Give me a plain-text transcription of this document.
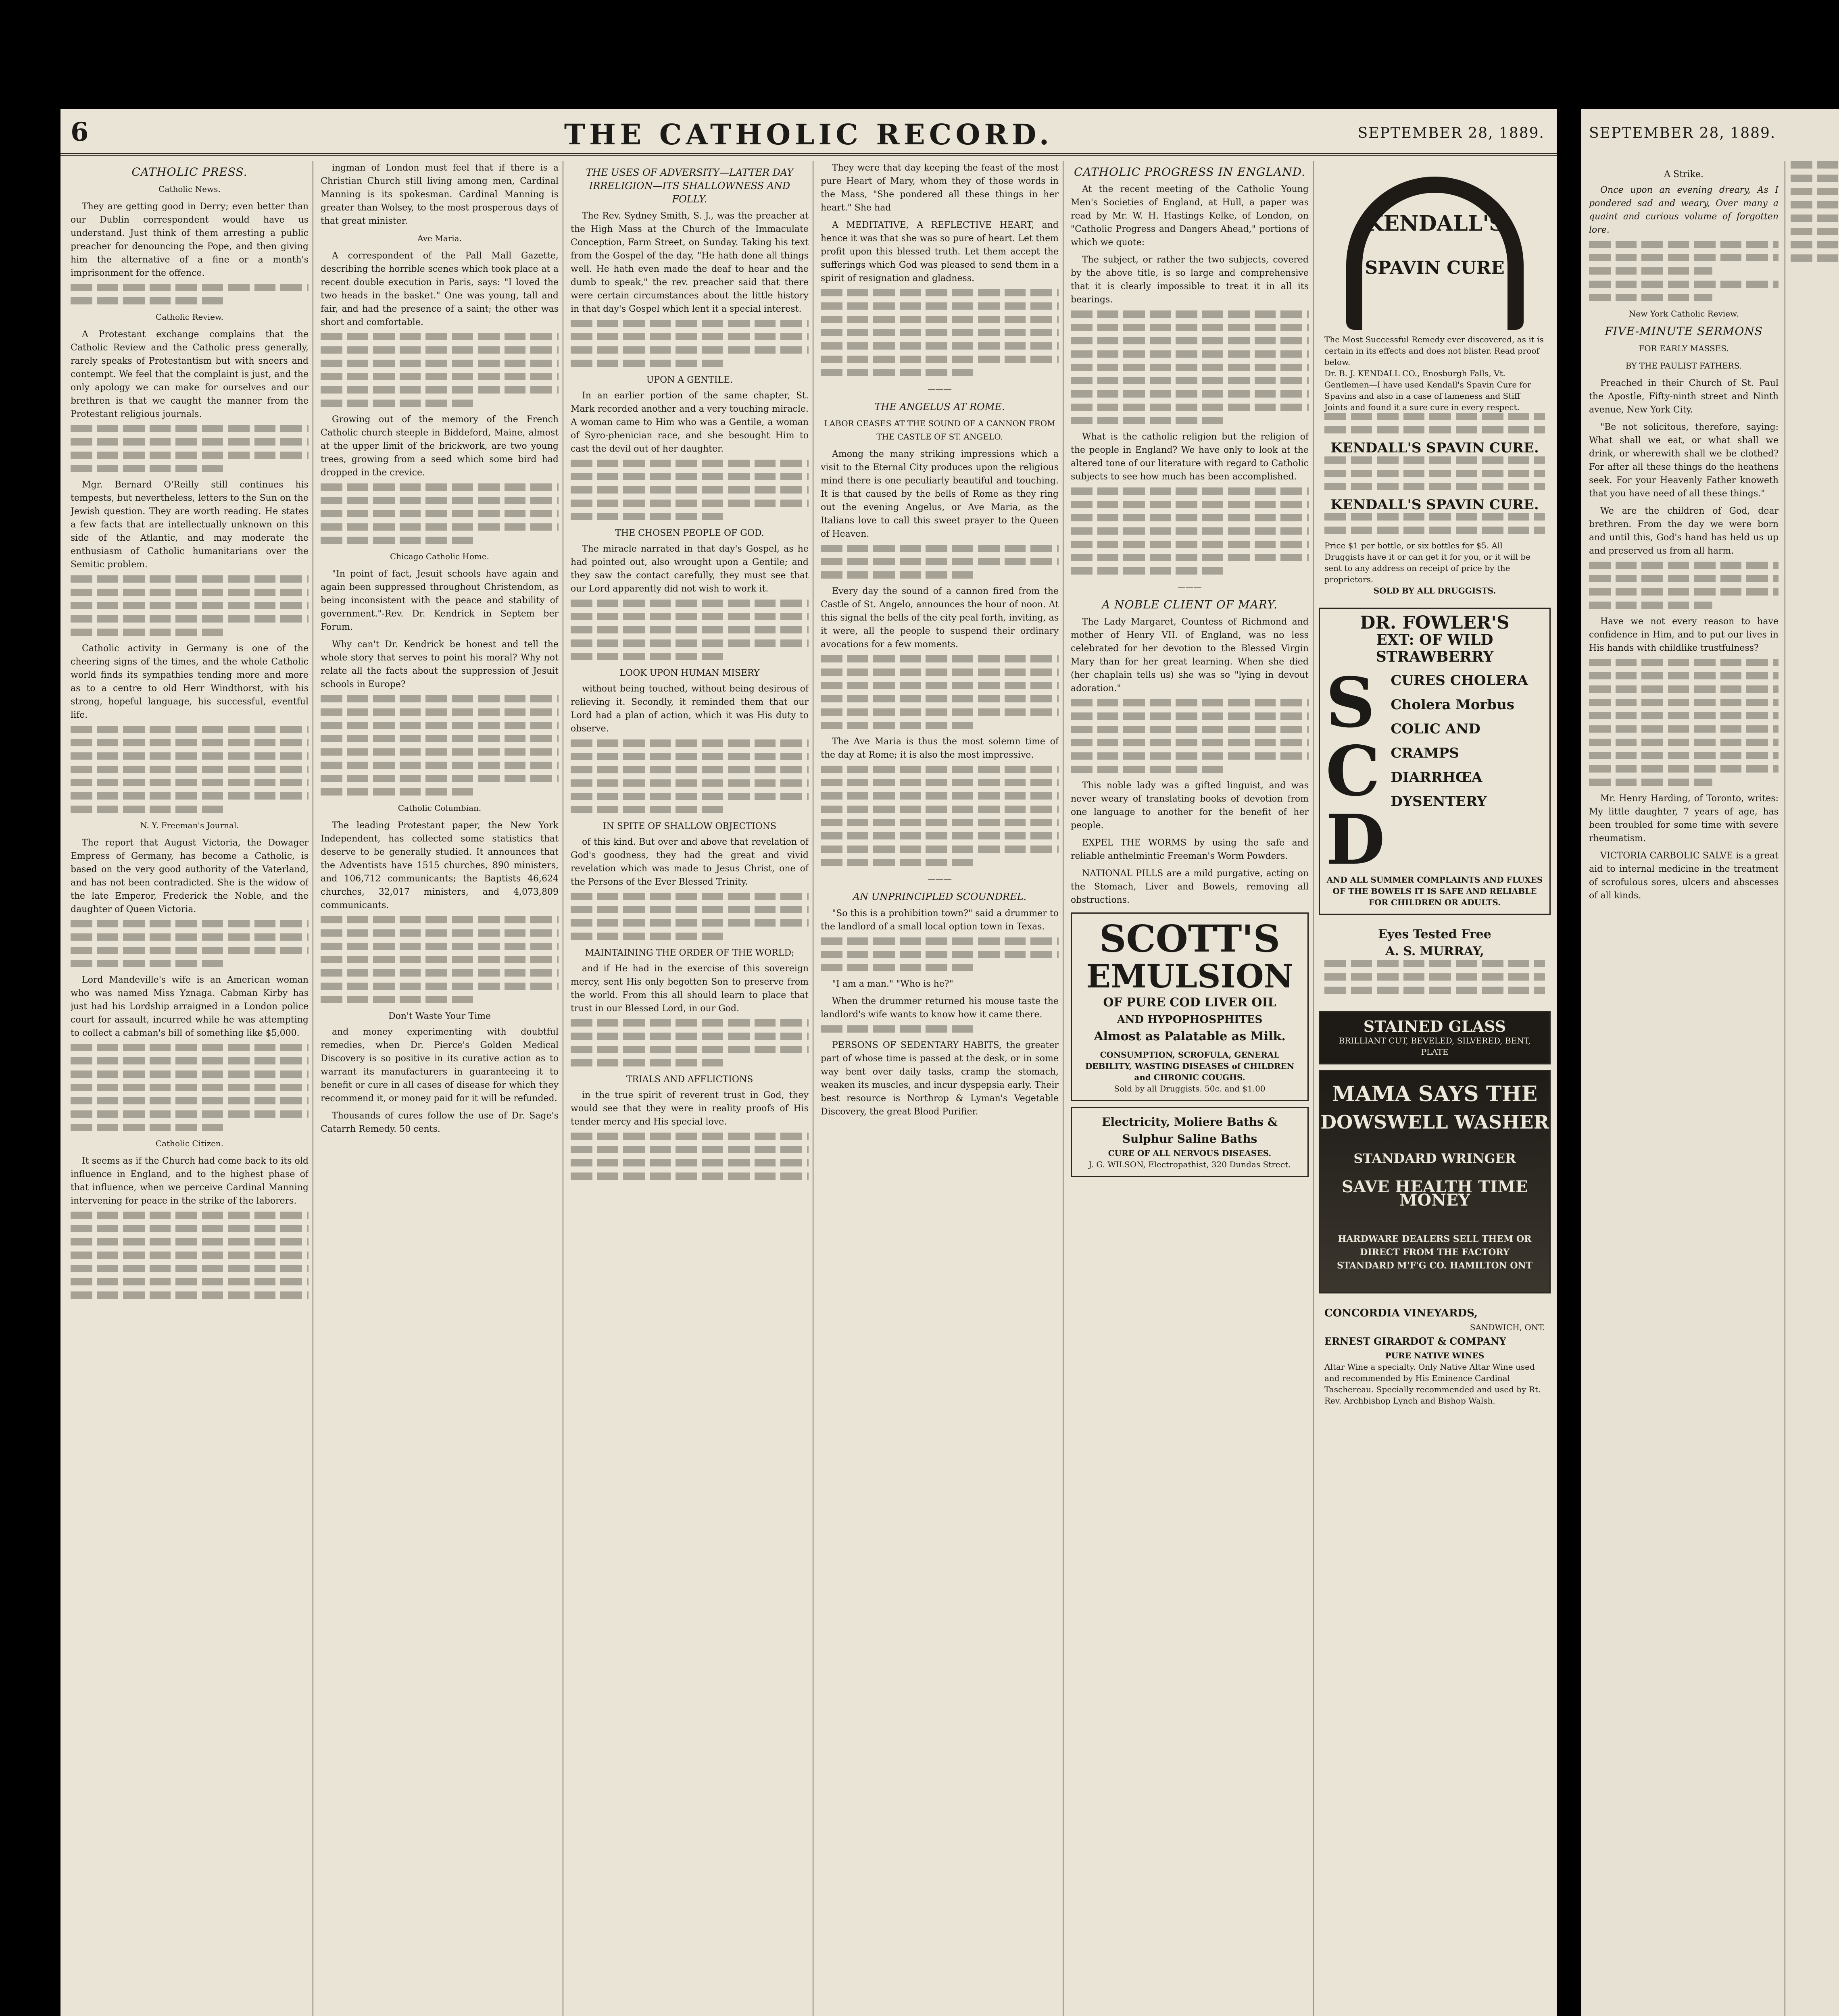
6	THE CATHOLIC RECORD.	SEPTEMBER 28, 1889.
CATHOLIC PRESS.
Catholic News.

They are getting good in Derry; even better than our Dublin correspondent would have us understand. Just think of them arresting a public preacher for denouncing the Pope, and then giving him the alternative of a fine or a month's imprisonment for the offence.

Catholic Review.

A Protestant exchange complains that the Catholic Review and the Catholic press generally, rarely speaks of Protestantism but with sneers and contempt. We feel that the complaint is just, and the only apology we can make for ourselves and our brethren is that we caught the manner from the Protestant religious journals.

Mgr. Bernard O'Reilly still continues his tempests, but nevertheless, letters to the Sun on the Jewish question. They are worth reading. He states a few facts that are intellectually unknown on this side of the Atlantic, and may moderate the enthusiasm of Catholic humanitarians over the Semitic problem.

Catholic activity in Germany is one of the cheering signs of the times, and the whole Catholic world finds its sympathies tending more and more as to a centre to old Herr Windthorst, with his strong, hopeful language, his successful, eventful life.

N. Y. Freeman's Journal.

The report that August Victoria, the Dowager Empress of Germany, has become a Catholic, is based on the very good authority of the Vaterland, and has not been contradicted. She is the widow of the late Emperor, Frederick the Noble, and the daughter of Queen Victoria.

Lord Mandeville's wife is an American woman who was named Miss Yznaga. Cabman Kirby has just had his Lordship arraigned in a London police court for assault, incurred while he was attempting to collect a cabman's bill of something like $5,000.

Catholic Citizen.

It seems as if the Church had come back to its old influence in England, and to the highest phase of that influence, when we perceive Cardinal Manning intervening for peace in the strike of the laborers.

ingman of London must feel that if there is a Christian Church still living among men, Cardinal Manning is its spokesman. Cardinal Manning is greater than Wolsey, to the most prosperous days of that great minister.

Ave Maria.

A correspondent of the Pall Mall Gazette, describing the horrible scenes which took place at a recent double execution in Paris, says: "I loved the two heads in the basket." One was young, tall and fair, and had the presence of a saint; the other was short and comfortable.

Growing out of the memory of the French Catholic church steeple in Biddeford, Maine, almost at the upper limit of the brickwork, are two young trees, growing from a seed which some bird had dropped in the crevice.

Chicago Catholic Home.

"In point of fact, Jesuit schools have again and again been suppressed throughout Christendom, as being inconsistent with the peace and stability of government."-Rev. Dr. Kendrick in Septem ber Forum.

Why can't Dr. Kendrick be honest and tell the whole story that serves to point his moral? Why not relate all the facts about the suppression of Jesuit schools in Europe?

Catholic Columbian.

The leading Protestant paper, the New York Independent, has collected some statistics that deserve to be generally studied. It announces that the Adventists have 1515 churches, 890 ministers, and 106,712 communicants; the Baptists 46,624 churches, 32,017 ministers, and 4,073,809 communicants.

Don't Waste Your Time

and money experimenting with doubtful remedies, when Dr. Pierce's Golden Medical Discovery is so positive in its curative action as to warrant its manufacturers in guaranteeing it to benefit or cure in all cases of disease for which they recommend it, or money paid for it will be refunded.

Thousands of cures follow the use of Dr. Sage's Catarrh Remedy. 50 cents.

THE USES OF ADVERSITY—LATTER DAY IRRELIGION—ITS SHALLOWNESS AND FOLLY.

The Rev. Sydney Smith, S. J., was the preacher at the High Mass at the Church of the Immaculate Conception, Farm Street, on Sunday. Taking his text from the Gospel of the day, "He hath done all things well. He hath even made the deaf to hear and the dumb to speak," the rev. preacher said that there were certain circumstances about the little history in that day's Gospel which lent it a special interest.

UPON A GENTILE.

In an earlier portion of the same chapter, St. Mark recorded another and a very touching miracle. A woman came to Him who was a Gentile, a woman of Syro-phenician race, and she besought Him to cast the devil out of her daughter.

THE CHOSEN PEOPLE OF GOD.

The miracle narrated in that day's Gospel, as he had pointed out, also wrought upon a Gentile; and they saw the contact carefully, they must see that our Lord apparently did not wish to work it.

LOOK UPON HUMAN MISERY

without being touched, without being desirous of relieving it. Secondly, it reminded them that our Lord had a plan of action, which it was His duty to observe.

IN SPITE OF SHALLOW OBJECTIONS

of this kind. But over and above that revelation of God's goodness, they had the great and vivid revelation which was made to Jesus Christ, one of the Persons of the Ever Blessed Trinity.

MAINTAINING THE ORDER OF THE WORLD;

and if He had in the exercise of this sovereign mercy, sent His only begotten Son to preserve from the world. From this all should learn to place that trust in our Blessed Lord, in our God.

TRIALS AND AFFLICTIONS

in the true spirit of reverent trust in God, they would see that they were in reality proofs of His tender mercy and His special love.

They were that day keeping the feast of the most pure Heart of Mary, whom they of those words in the Mass, "She pondered all these things in her heart." She had

A MEDITATIVE, A REFLECTIVE HEART, and hence it was that she was so pure of heart. Let them profit upon this blessed truth. Let them accept the sufferings which God was pleased to send them in a spirit of resignation and gladness.

———
THE ANGELUS AT ROME.
LABOR CEASES AT THE SOUND OF A CANNON FROM THE CASTLE OF ST. ANGELO.

Among the many striking impressions which a visit to the Eternal City produces upon the religious mind there is one peculiarly beautiful and touching. It is that caused by the bells of Rome as they ring out the evening Angelus, or Ave Maria, as the Italians love to call this sweet prayer to the Queen of Heaven.

Every day the sound of a cannon fired from the Castle of St. Angelo, announces the hour of noon. At this signal the bells of the city peal forth, inviting, as it were, all the people to suspend their ordinary avocations for a few moments.

The Ave Maria is thus the most solemn time of the day at Rome; it is also the most impressive.

———
AN UNPRINCIPLED SCOUNDREL.

"So this is a prohibition town?" said a drummer to the landlord of a small local option town in Texas.

"I am a man." "Who is he?"

When the drummer returned his mouse taste the landlord's wife wants to know how it came there.

PERSONS OF SEDENTARY HABITS, the greater part of whose time is passed at the desk, or in some way bent over daily tasks, cramp the stomach, weaken its muscles, and incur dyspepsia early. Their best resource is Northrop & Lyman's Vegetable Discovery, the great Blood Purifier.

CATHOLIC PROGRESS IN ENGLAND.

At the recent meeting of the Catholic Young Men's Societies of England, at Hull, a paper was read by Mr. W. H. Hastings Kelke, of London, on "Catholic Progress and Dangers Ahead," portions of which we quote:

The subject, or rather the two subjects, covered by the above title, is so large and comprehensive that it is clearly impossible to treat it in all its bearings.

What is the catholic religion but the religion of the people in England? We have only to look at the altered tone of our literature with regard to Catholic subjects to see how much has been accomplished.

———
A NOBLE CLIENT OF MARY.

The Lady Margaret, Countess of Richmond and mother of Henry VII. of England, was no less celebrated for her devotion to the Blessed Virgin Mary than for her great learning. When she died (her chaplain tells us) she was so "lying in devout adoration."

This noble lady was a gifted linguist, and was never weary of translating books of devotion from one language to another for the benefit of her people.

EXPEL THE WORMS by using the safe and reliable anthelmintic Freeman's Worm Powders.

NATIONAL PILLS are a mild purgative, acting on the Stomach, Liver and Bowels, removing all obstructions.

SCOTT'S
EMULSION
OF PURE COD LIVER OIL
AND HYPOPHOSPHITES
Almost as Palatable as Milk.
CONSUMPTION, SCROFULA, GENERAL DEBILITY, WASTING DISEASES of CHILDREN and CHRONIC COUGHS.
Sold by all Druggists. 50c. and $1.00
Electricity, Moliere Baths & Sulphur Saline Baths
CURE OF ALL NERVOUS DISEASES.
J. G. WILSON, Electropathist, 320 Dundas Street.
KENDALL'S
SPAVIN CURE
The Most Successful Remedy ever discovered, as it is certain in its effects and does not blister. Read proof below.
Dr. B. J. KENDALL CO., Enosburgh Falls, Vt. Gentlemen—I have used Kendall's Spavin Cure for Spavins and also in a case of lameness and Stiff Joints and found it a sure cure in every respect.
KENDALL'S SPAVIN CURE.
KENDALL'S SPAVIN CURE.
Price $1 per bottle, or six bottles for $5. All Druggists have it or can get it for you, or it will be sent to any address on receipt of price by the proprietors.
SOLD BY ALL DRUGGISTS.
DR. FOWLER'S
EXT: OF WILD STRAWBERRY
S
C
D
CURES CHOLERA Cholera Morbus COLIC AND CRAMPS DIARRHŒA DYSENTERY
AND ALL SUMMER COMPLAINTS AND FLUXES OF THE BOWELS IT IS SAFE AND RELIABLE FOR CHILDREN OR ADULTS.
Eyes Tested Free
A. S. MURRAY,
STAINED GLASS
BRILLIANT CUT, BEVELED, SILVERED, BENT, PLATE
MAMA SAYS THE
DOWSWELL WASHER
STANDARD WRINGER
SAVE HEALTH TIME MONEY
HARDWARE DEALERS SELL THEM OR DIRECT FROM THE FACTORY STANDARD M'F'G CO. HAMILTON ONT
CONCORDIA VINEYARDS,
SANDWICH, ONT.
ERNEST GIRARDOT & COMPANY
PURE NATIVE WINES
Altar Wine a specialty. Only Native Altar Wine used and recommended by His Eminence Cardinal Taschereau. Specially recommended and used by Rt. Rev. Archbishop Lynch and Bishop Walsh.
SEPTEMBER 28, 1889.
A Strike.

Once upon an evening dreary, As I pondered sad and weary, Over many a quaint and curious volume of forgotten lore.

New York Catholic Review.
FIVE-MINUTE SERMONS
FOR EARLY MASSES.
BY THE PAULIST FATHERS.

Preached in their Church of St. Paul the Apostle, Fifty-ninth street and Ninth avenue, New York City.

"Be not solicitous, therefore, saying: What shall we eat, or what shall we drink, or wherewith shall we be clothed? For after all these things do the heathens seek. For your Heavenly Father knoweth that you have need of all these things."

We are the children of God, dear brethren. From the day we were born and until this, God's hand has held us up and preserved us from all harm.

Have we not every reason to have confidence in Him, and to put our lives in His hands with childlike trustfulness?

Mr. Henry Harding, of Toronto, writes: My little daughter, 7 years of age, has been troubled for some time with severe rheumatism.

VICTORIA CARBOLIC SALVE is a great aid to internal medicine in the treatment of scrofulous sores, ulcers and abscesses of all kinds.
